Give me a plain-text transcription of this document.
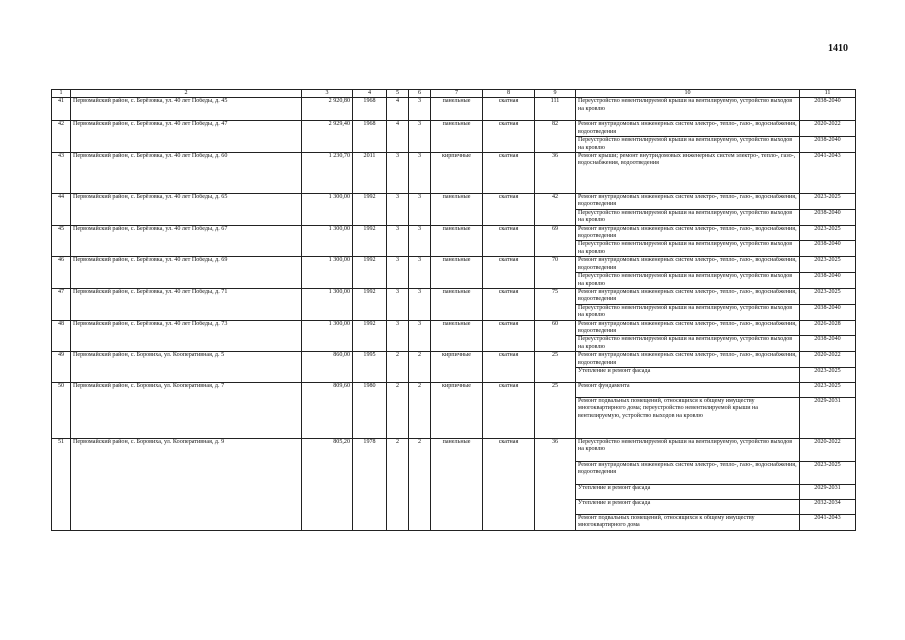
1410
1	2	3	4	5	6	7	8	9	10	11
41	Первомайский район, с. Берёзовка, ул. 40 лет Победы, д. 45	2 920,80	1968	4	3	панельные	скатная	111	Переустройство невентилируемой крыши на вентилируемую, устройство выходов на кровлю	2038-2040
42	Первомайский район, с. Берёзовка, ул. 40 лет Победы, д. 47	2 929,40	1968	4	3	панельные	скатная	82	Ремонт внутридомовых инженерных систем электро-, тепло-, газо-, водоснабжения, водоотведения	2020-2022
									Переустройство невентилируемой крыши на вентилируемую, устройство выходов на кровлю	2038-2040
43	Первомайский район, с. Берёзовка, ул. 40 лет Победы, д. 60	1 230,70	2011	3	3	кирпичные	скатная	36	Ремонт крыши; ремонт внутридомовых инженерных систем электро-, тепло-, газо-, водоснабжения, водоотведения	2041-2043
44	Первомайский район, с. Берёзовка, ул. 40 лет Победы, д. 65	1 300,00	1992	3	3	панельные	скатная	42	Ремонт внутридомовых инженерных систем электро-, тепло-, газо-, водоснабжения, водоотведения	2023-2025
									Переустройство невентилируемой крыши на вентилируемую, устройство выходов на кровлю	2038-2040
45	Первомайский район, с. Берёзовка, ул. 40 лет Победы, д. 67	1 300,00	1992	3	3	панельные	скатная	69	Ремонт внутридомовых инженерных систем электро-, тепло-, газо-, водоснабжения, водоотведения	2023-2025
									Переустройство невентилируемой крыши на вентилируемую, устройство выходов на кровлю	2038-2040
46	Первомайский район, с. Берёзовка, ул. 40 лет Победы, д. 69	1 300,00	1992	3	3	панельные	скатная	70	Ремонт внутридомовых инженерных систем электро-, тепло-, газо-, водоснабжения, водоотведения	2023-2025
									Переустройство невентилируемой крыши на вентилируемую, устройство выходов на кровлю	2038-2040
47	Первомайский район, с. Берёзовка, ул. 40 лет Победы, д. 71	1 300,00	1992	3	3	панельные	скатная	75	Ремонт внутридомовых инженерных систем электро-, тепло-, газо-, водоснабжения, водоотведения	2023-2025
									Переустройство невентилируемой крыши на вентилируемую, устройство выходов на кровлю	2038-2040
48	Первомайский район, с. Берёзовка, ул. 40 лет Победы, д. 73	1 300,00	1992	3	3	панельные	скатная	60	Ремонт внутридомовых инженерных систем электро-, тепло-, газо-, водоснабжения, водоотведения	2026-2028
									Переустройство невентилируемой крыши на вентилируемую, устройство выходов на кровлю	2038-2040
49	Первомайский район, с. Боровиха, ул. Кооперативная, д. 5	860,00	1995	2	2	кирпичные	скатная	25	Ремонт внутридомовых инженерных систем электро-, тепло-, газо-, водоснабжения, водоотведения	2020-2022
									Утепление и ремонт фасада	2023-2025
50	Первомайский район, с. Боровиха, ул. Кооперативная, д. 7	809,60	1980	2	2	кирпичные	скатная	25	Ремонт фундамента	2023-2025
									Ремонт подвальных помещений, относящихся к общему имуществу многоквартирного дома; переустройство невентилируемой крыши на вентилируемую, устройство выходов на кровлю	2029-2031
51	Первомайский район, с. Боровиха, ул. Кооперативная, д. 9	805,20	1978	2	2	панельные	скатная	36	Переустройство невентилируемой крыши на вентилируемую, устройство выходов на кровлю	2020-2022
									Ремонт внутридомовых инженерных систем электро-, тепло-, газо-, водоснабжения, водоотведения	2023-2025
									Утепление и ремонт фасада	2029-2031
									Утепление и ремонт фасада	2032-2034
									Ремонт подвальных помещений, относящихся к общему имуществу многоквартирного дома	2041-2043
